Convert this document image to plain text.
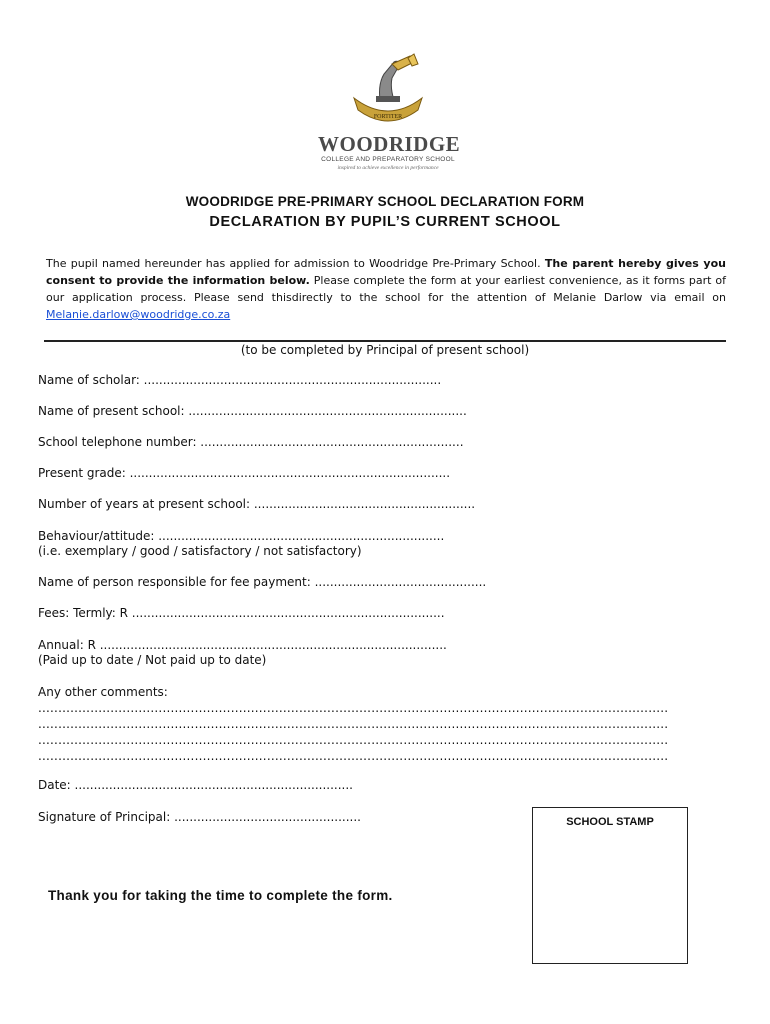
FORTITER
WOODRIDGE
COLLEGE AND PREPARATORY SCHOOL
inspired to achieve excellence in performance
WOODRIDGE PRE-PRIMARY SCHOOL DECLARATION FORM
DECLARATION BY PUPIL’S CURRENT SCHOOL
The pupil named hereunder has applied for admission to Woodridge Pre-Primary School. The parent hereby gives you consent to provide the information below. Please complete the form at your earliest convenience, as it forms part of our application process. Please send thisdirectly to the school for the attention of Melanie Darlow via email on Melanie.darlow@woodridge.co.za
(to be completed by Principal of present school)
Name of scholar: ..............................................................................
Name of present school: .........................................................................
School telephone number: .....................................................................
Present grade: ....................................................................................
Number of years at present school: ..........................................................
Behaviour/attitude: ...........................................................................
(i.e. exemplary / good / satisfactory / not satisfactory)
Name of person responsible for fee payment: .............................................
Fees: Termly: R ..................................................................................
Annual: R ...........................................................................................
(Paid up to date / Not paid up to date)
Any other comments:
.............................................................................................................................................................
.............................................................................................................................................................
.............................................................................................................................................................
.............................................................................................................................................................
Date: .........................................................................
Signature of Principal: .................................................	SCHOOL STAMP
Thank you for taking the time to complete the form.
